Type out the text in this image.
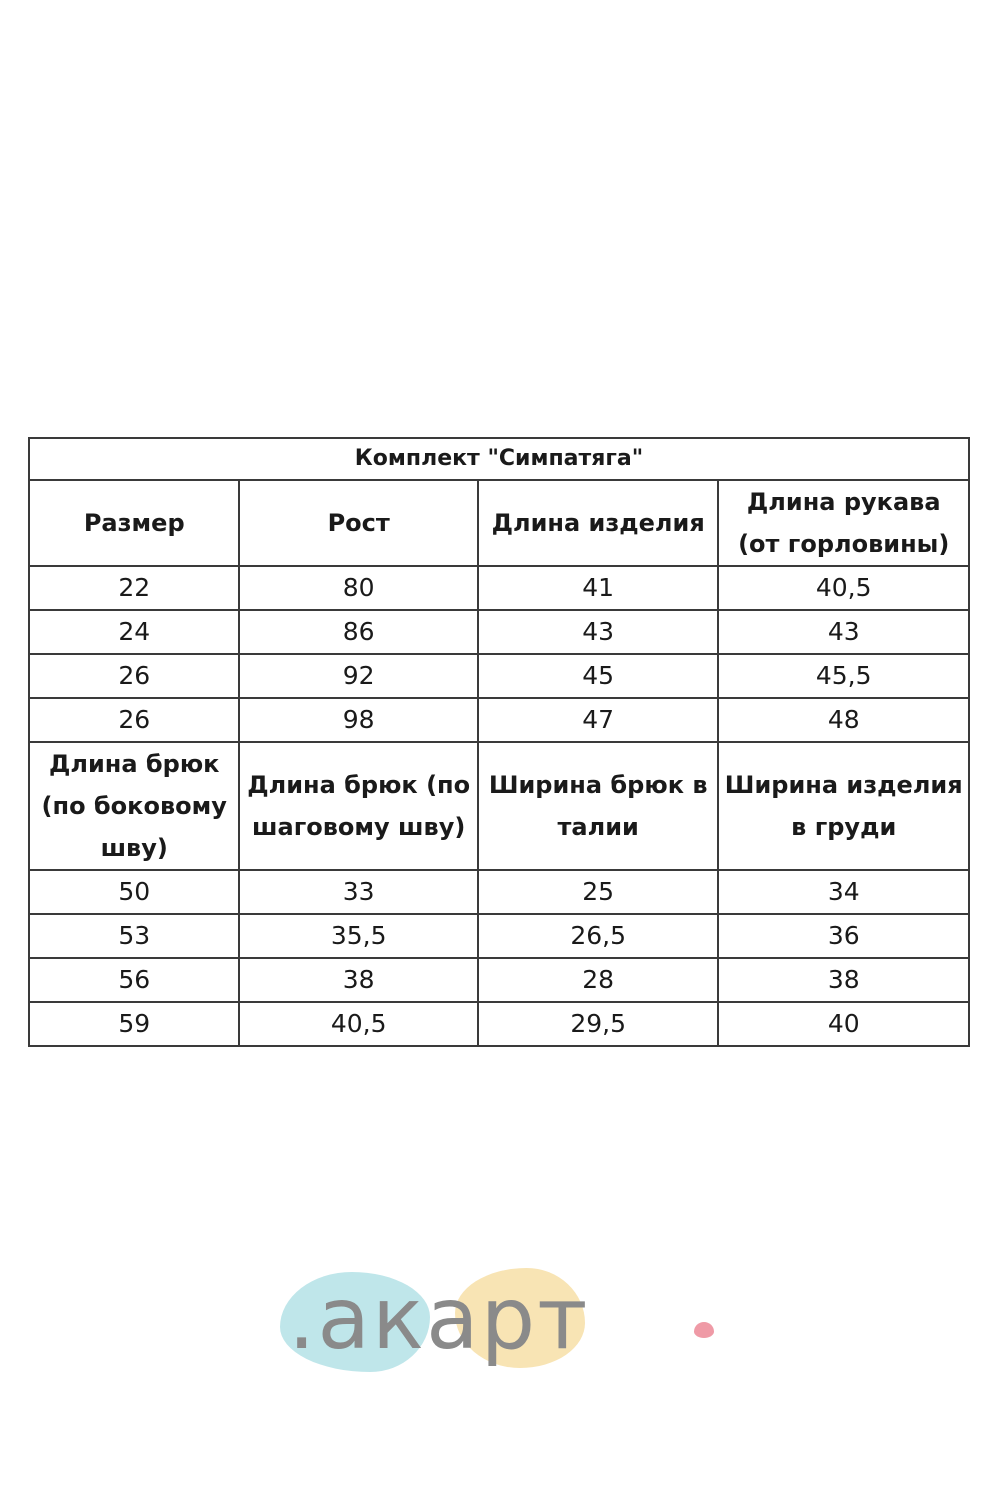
Комплект "Симпатяга"			
Размер	Рост	Длина изделия	Длина рукава (от горловины)
22	80	41	40,5
24	86	43	43
26	92	45	45,5
26	98	47	48
Длина брюк (по боковому шву)	Длина брюк (по шаговому шву)	Ширина брюк в талии	Ширина изделия в груди
50	33	25	34
53	35,5	26,5	36
56	38	28	38
59	40,5	29,5	40
.акарт
